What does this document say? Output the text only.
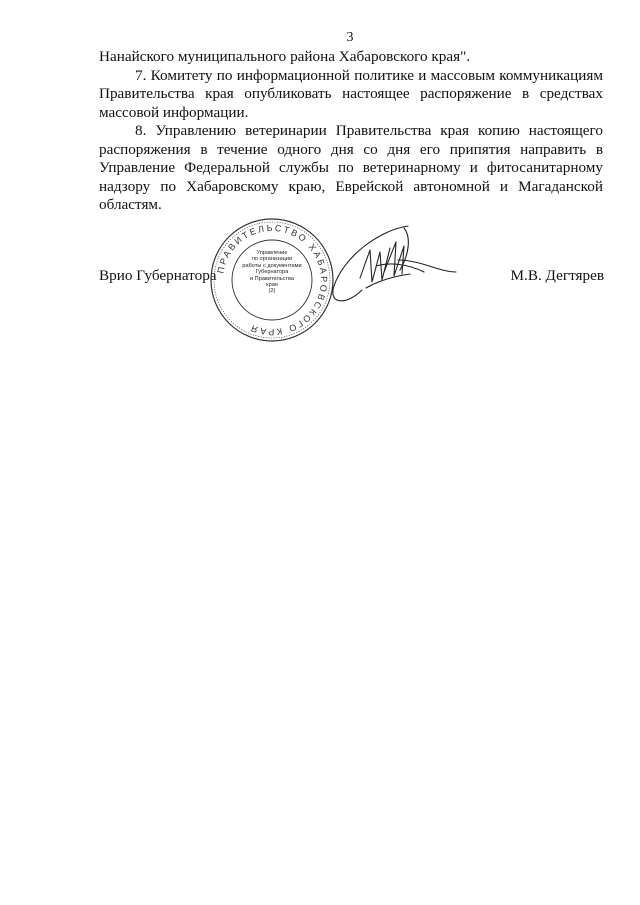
3

Нанайского муниципального района Хабаровского края".

7. Комитету по информационной политике и массовым коммуникациям Правительства края опубликовать настоящее распоряжение в средствах массовой информации.

8. Управлению ветеринарии Правительства края копию настоящего распоряжения в течение одного дня со дня его припятия направить в Управление Федеральной службы по ветеринарному и фитосанитарному надзору по Хабаровскому краю, Еврейской автономной и Магаданской областям.

Врио Губернатора
ПРАВИТЕЛЬСТВО ХАБАРОВСКОГО КРАЯ
Управление
по организации
работы с документами
Губернатора
и Правительства
края
(2)
М.В. Дегтярев
